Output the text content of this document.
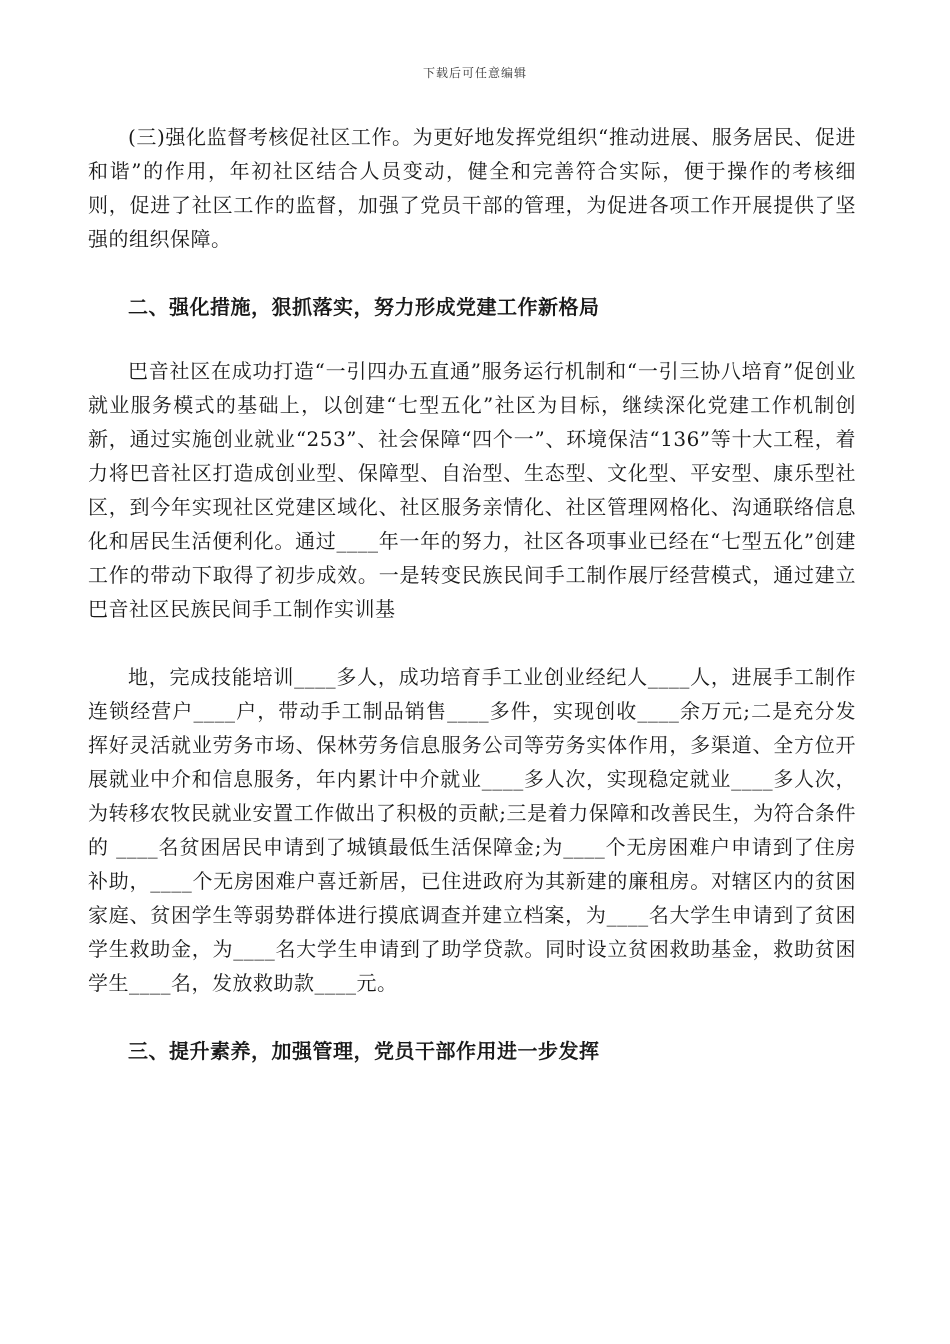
下载后可任意编辑

(三)强化监督考核促社区工作。为更好地发挥党组织“推动进展、服务居民、促进和谐”的作用，年初社区结合人员变动，健全和完善符合实际，便于操作的考核细则，促进了社区工作的监督，加强了党员干部的管理，为促进各项工作开展提供了坚强的组织保障。

二、强化措施，狠抓落实，努力形成党建工作新格局

巴音社区在成功打造“一引四办五直通”服务运行机制和“一引三协八培育”促创业就业服务模式的基础上，以创建“七型五化”社区为目标，继续深化党建工作机制创新，通过实施创业就业“253”、社会保障“四个一”、环境保洁“136”等十大工程，着力将巴音社区打造成创业型、保障型、自治型、生态型、文化型、平安型、康乐型社区，到今年实现社区党建区域化、社区服务亲情化、社区管理网格化、沟通联络信息化和居民生活便利化。通过____年一年的努力，社区各项事业已经在“七型五化”创建工作的带动下取得了初步成效。一是转变民族民间手工制作展厅经营模式，通过建立巴音社区民族民间手工制作实训基

地，完成技能培训____多人，成功培育手工业创业经纪人____人，进展手工制作连锁经营户____户，带动手工制品销售____多件，实现创收____余万元;二是充分发挥好灵活就业劳务市场、保林劳务信息服务公司等劳务实体作用，多渠道、全方位开展就业中介和信息服务，年内累计中介就业____多人次，实现稳定就业____多人次，为转移农牧民就业安置工作做出了积极的贡献;三是着力保障和改善民生，为符合条件的 ____名贫困居民申请到了城镇最低生活保障金;为____个无房困难户申请到了住房补助，____个无房困难户喜迁新居，已住进政府为其新建的廉租房。对辖区内的贫困家庭、贫困学生等弱势群体进行摸底调查并建立档案，为____名大学生申请到了贫困学生救助金，为____名大学生申请到了助学贷款。同时设立贫困救助基金，救助贫困学生____名，发放救助款____元。

三、提升素养，加强管理，党员干部作用进一步发挥
